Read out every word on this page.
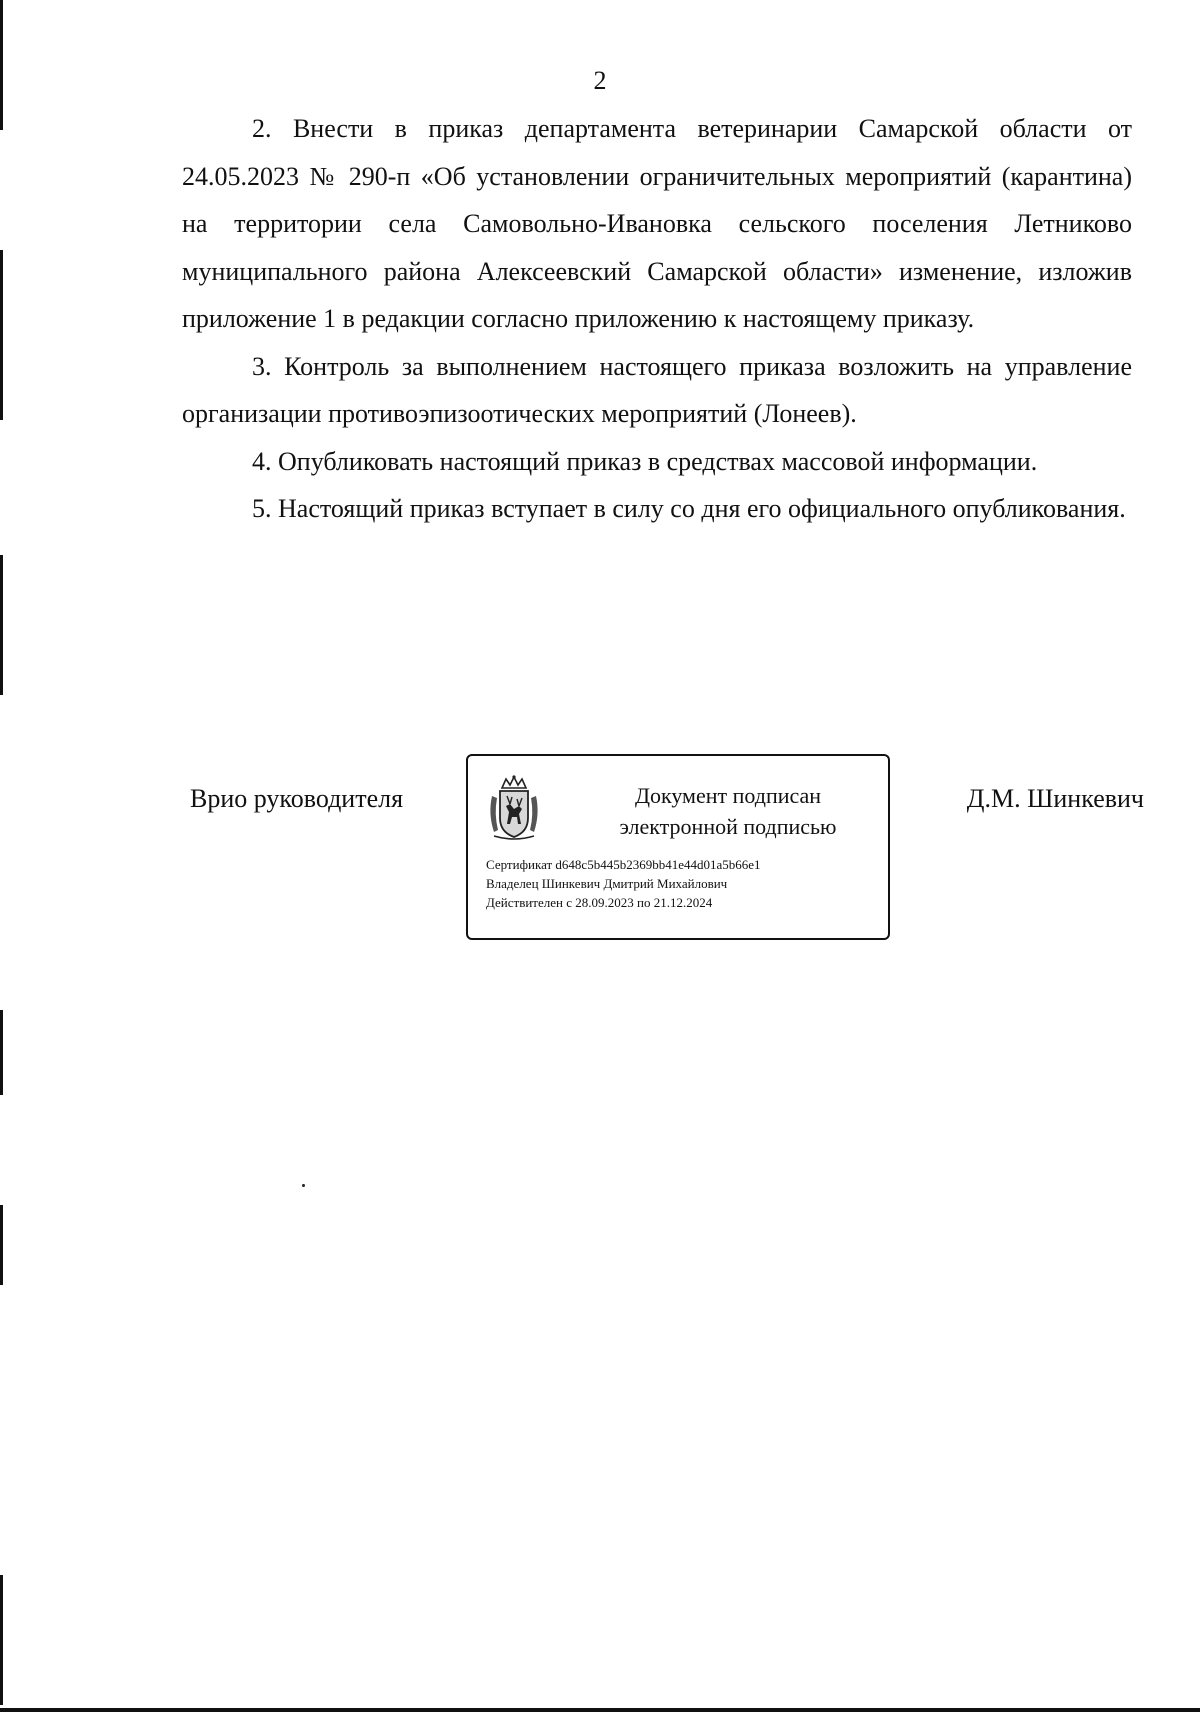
2

2. Внести в приказ департамента ветеринарии Самарской области от 24.05.2023 № 290-п «Об установлении ограничительных мероприятий (карантина) на территории села Самовольно-Ивановка сельского поселения Летниково муниципального района Алексеевский Самарской области» изменение, изложив приложение 1 в редакции согласно приложению к настоящему приказу.

3. Контроль за выполнением настоящего приказа возложить на управление организации противоэпизоотических мероприятий (Лонеев).

4. Опубликовать настоящий приказ в средствах массовой информации.

5. Настоящий приказ вступает в силу со дня его официального опубликования.

Врио руководителя	Документ подписан
электронной подписью
Сертификат d648c5b445b2369bb41e44d01a5b66e1
Владелец Шинкевич Дмитрий Михайлович
Действителен с 28.09.2023 по 21.12.2024
Д.М. Шинкевич
